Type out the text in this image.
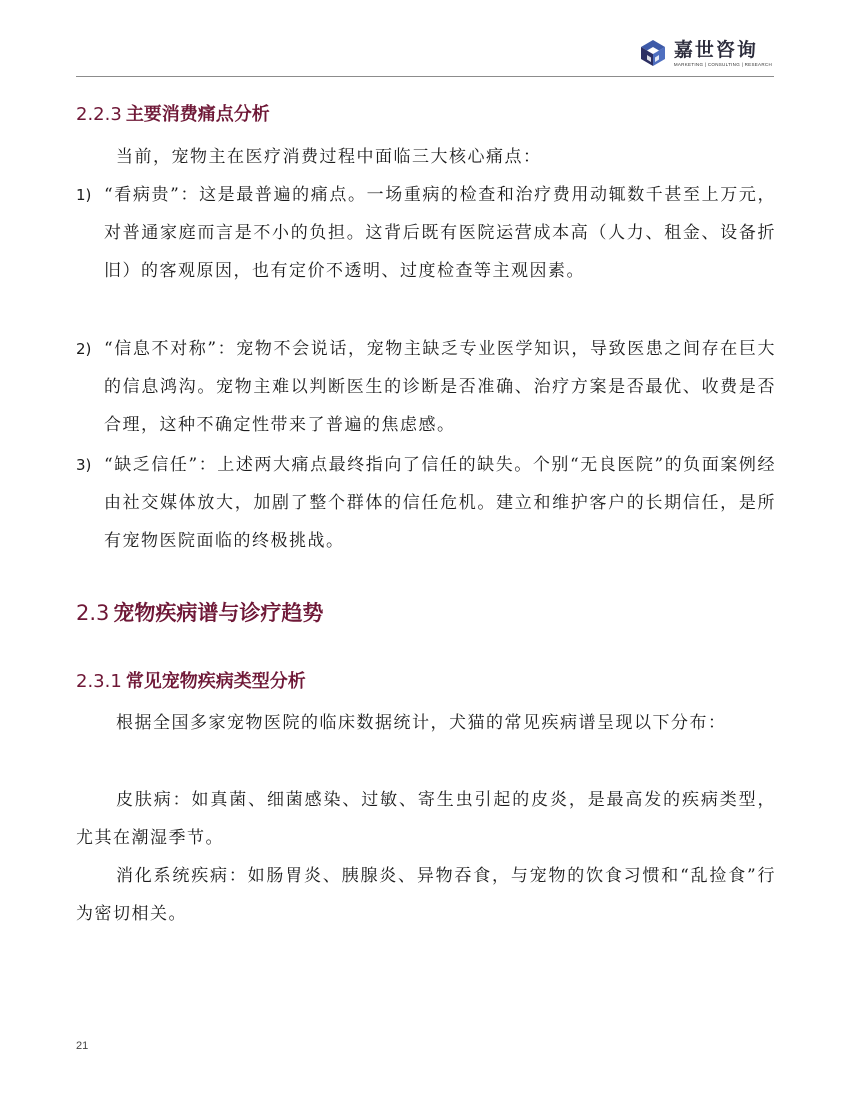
嘉世咨询
MARKETING | CONSULTING | RESEARCH
2.2.3 主要消费痛点分析
当前，宠物主在医疗消费过程中面临三大核心痛点：
1) “看病贵”：这是最普遍的痛点。一场重病的检查和治疗费用动辄数千甚至上万元，对普通家庭而言是不小的负担。这背后既有医院运营成本高（人力、租金、设备折旧）的客观原因，也有定价不透明、过度检查等主观因素。
2) “信息不对称”：宠物不会说话，宠物主缺乏专业医学知识，导致医患之间存在巨大的信息鸿沟。宠物主难以判断医生的诊断是否准确、治疗方案是否最优、收费是否合理，这种不确定性带来了普遍的焦虑感。
3) “缺乏信任”：上述两大痛点最终指向了信任的缺失。个别“无良医院”的负面案例经由社交媒体放大，加剧了整个群体的信任危机。建立和维护客户的长期信任，是所有宠物医院面临的终极挑战。
2.3 宠物疾病谱与诊疗趋势
2.3.1 常见宠物疾病类型分析
根据全国多家宠物医院的临床数据统计，犬猫的常见疾病谱呈现以下分布：
皮肤病：如真菌、细菌感染、过敏、寄生虫引起的皮炎，是最高发的疾病类型，尤其在潮湿季节。
消化系统疾病：如肠胃炎、胰腺炎、异物吞食，与宠物的饮食习惯和“乱捡食”行为密切相关。
21
